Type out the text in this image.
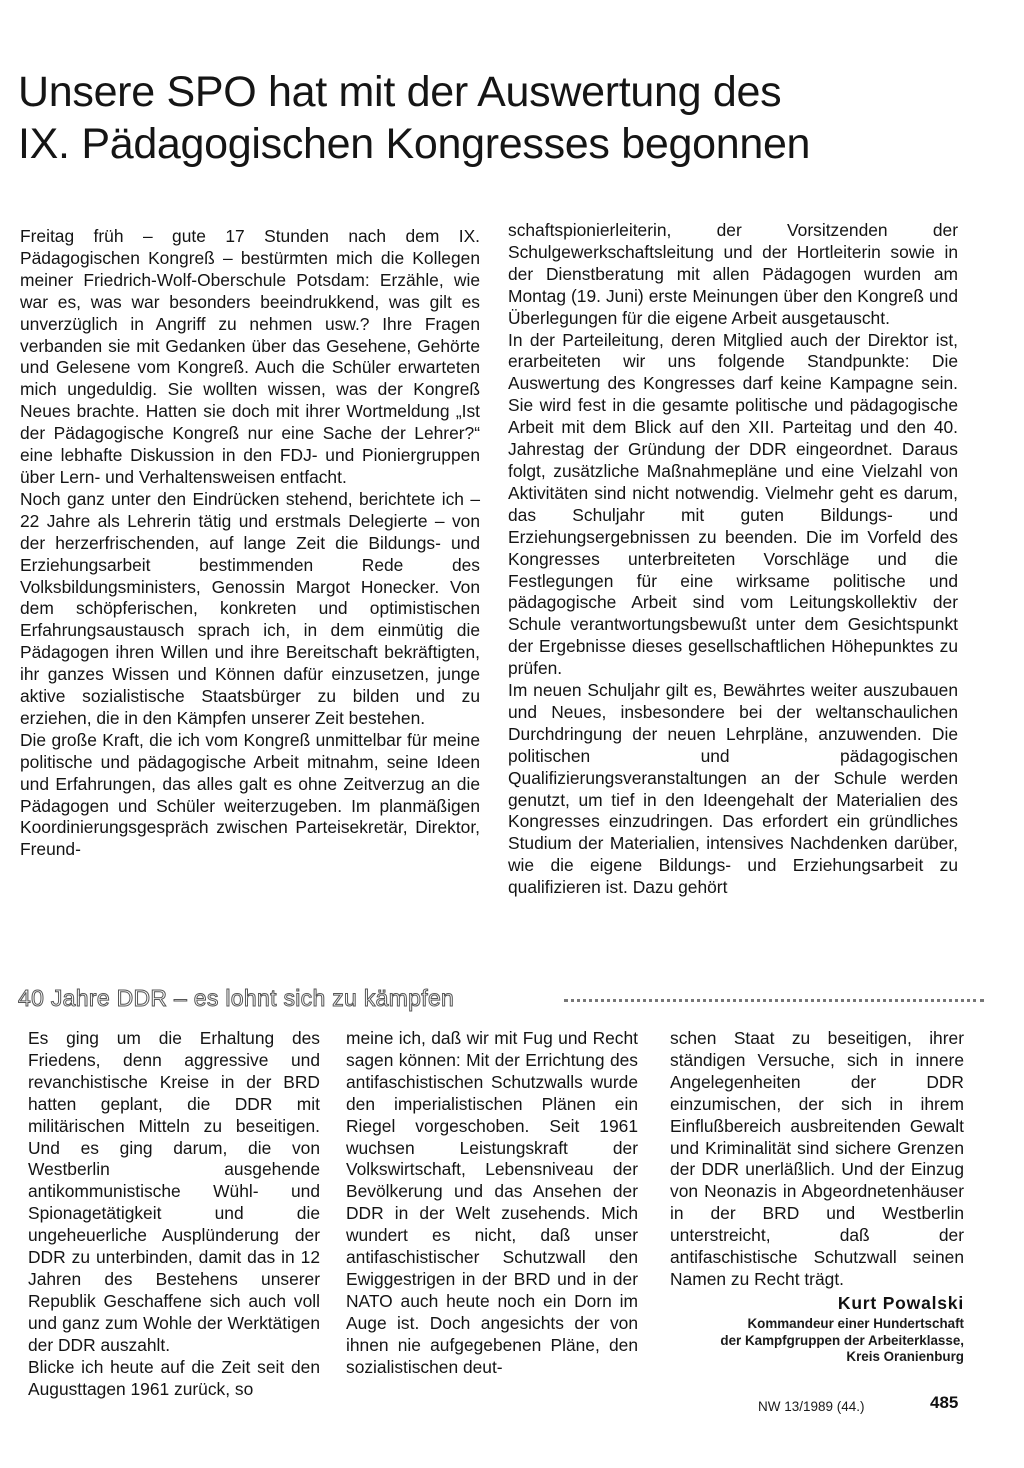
Unsere SPO hat mit der Auswertung des
IX. Pädagogischen Kongresses begonnen

Freitag früh – gute 17 Stunden nach dem IX. Pädagogischen Kongreß – bestürmten mich die Kollegen meiner Friedrich-Wolf-Oberschule Potsdam: Erzähle, wie war es, was war besonders beeindrukkend, was gilt es unverzüglich in Angriff zu nehmen usw.? Ihre Fragen verbanden sie mit Gedanken über das Gesehene, Gehörte und Gelesene vom Kongreß. Auch die Schüler erwarteten mich ungeduldig. Sie wollten wissen, was der Kongreß Neues brachte. Hatten sie doch mit ihrer Wortmeldung „Ist der Pädagogische Kongreß nur eine Sache der Lehrer?“ eine lebhafte Diskussion in den FDJ- und Pioniergruppen über Lern- und Verhaltensweisen entfacht.

Noch ganz unter den Eindrücken stehend, berichtete ich – 22 Jahre als Lehrerin tätig und erstmals Delegierte – von der herzerfrischenden, auf lange Zeit die Bildungs- und Erziehungsarbeit bestimmenden Rede des Volksbildungsministers, Genossin Margot Honecker. Von dem schöpferischen, konkreten und optimistischen Erfahrungsaustausch sprach ich, in dem einmütig die Pädagogen ihren Willen und ihre Bereitschaft bekräftigten, ihr ganzes Wissen und Können dafür einzusetzen, junge aktive sozialistische Staatsbürger zu bilden und zu erziehen, die in den Kämpfen unserer Zeit bestehen.

Die große Kraft, die ich vom Kongreß unmittelbar für meine politische und pädagogische Arbeit mitnahm, seine Ideen und Erfahrungen, das alles galt es ohne Zeitverzug an die Pädagogen und Schüler weiterzugeben. Im planmäßigen Koordinierungsgespräch zwischen Parteisekretär, Direktor, Freund-

schaftspionierleiterin, der Vorsitzenden der Schulgewerkschaftsleitung und der Hortleiterin sowie in der Dienstberatung mit allen Pädagogen wurden am Montag (19. Juni) erste Meinungen über den Kongreß und Überlegungen für die eigene Arbeit ausgetauscht.

In der Parteileitung, deren Mitglied auch der Direktor ist, erarbeiteten wir uns folgende Standpunkte: Die Auswertung des Kongresses darf keine Kampagne sein. Sie wird fest in die gesamte politische und pädagogische Arbeit mit dem Blick auf den XII. Parteitag und den 40. Jahrestag der Gründung der DDR eingeordnet. Daraus folgt, zusätzliche Maßnahmepläne und eine Vielzahl von Aktivitäten sind nicht notwendig. Vielmehr geht es darum, das Schuljahr mit guten Bildungs- und Erziehungsergebnissen zu beenden. Die im Vorfeld des Kongresses unterbreiteten Vorschläge und die Festlegungen für eine wirksame politische und pädagogische Arbeit sind vom Leitungskollektiv der Schule verantwortungsbewußt unter dem Gesichtspunkt der Ergebnisse dieses gesellschaftlichen Höhepunktes zu prüfen.

Im neuen Schuljahr gilt es, Bewährtes weiter auszubauen und Neues, insbesondere bei der weltanschaulichen Durchdringung der neuen Lehrpläne, anzuwenden. Die politischen und pädagogischen Qualifizierungsveranstaltungen an der Schule werden genutzt, um tief in den Ideengehalt der Materialien des Kongresses einzudringen. Das erfordert ein gründliches Studium der Materialien, intensives Nachdenken darüber, wie die eigene Bildungs- und Erziehungsarbeit zu qualifizieren ist. Dazu gehört

40 Jahre DDR – es lohnt sich zu kämpfen

Es ging um die Erhaltung des Friedens, denn aggressive und revanchistische Kreise in der BRD hatten geplant, die DDR mit militärischen Mitteln zu beseitigen. Und es ging darum, die von Westberlin ausgehende antikommunistische Wühl- und Spionagetätigkeit und die ungeheuerliche Ausplünderung der DDR zu unterbinden, damit das in 12 Jahren des Bestehens unserer Republik Geschaffene sich auch voll und ganz zum Wohle der Werktätigen der DDR auszahlt.

Blicke ich heute auf die Zeit seit den Augusttagen 1961 zurück, so

meine ich, daß wir mit Fug und Recht sagen können: Mit der Errichtung des antifaschistischen Schutzwalls wurde den imperialistischen Plänen ein Riegel vorgeschoben. Seit 1961 wuchsen Leistungskraft der Volkswirtschaft, Lebensniveau der Bevölkerung und das Ansehen der DDR in der Welt zusehends. Mich wundert es nicht, daß unser antifaschistischer Schutzwall den Ewiggestrigen in der BRD und in der NATO auch heute noch ein Dorn im Auge ist. Doch angesichts der von ihnen nie aufgegebenen Pläne, den sozialistischen deut-

schen Staat zu beseitigen, ihrer ständigen Versuche, sich in innere Angelegenheiten der DDR einzumischen, der sich in ihrem Einflußbereich ausbreitenden Gewalt und Kriminalität sind sichere Grenzen der DDR unerläßlich. Und der Einzug von Neonazis in Abgeordnetenhäuser in der BRD und Westberlin unterstreicht, daß der antifaschistische Schutzwall seinen Namen zu Recht trägt.

Kurt Powalski
Kommandeur einer Hundertschaft
der Kampfgruppen der Arbeiterklasse,
Kreis Oranienburg
NW 13/1989 (44.)	485
